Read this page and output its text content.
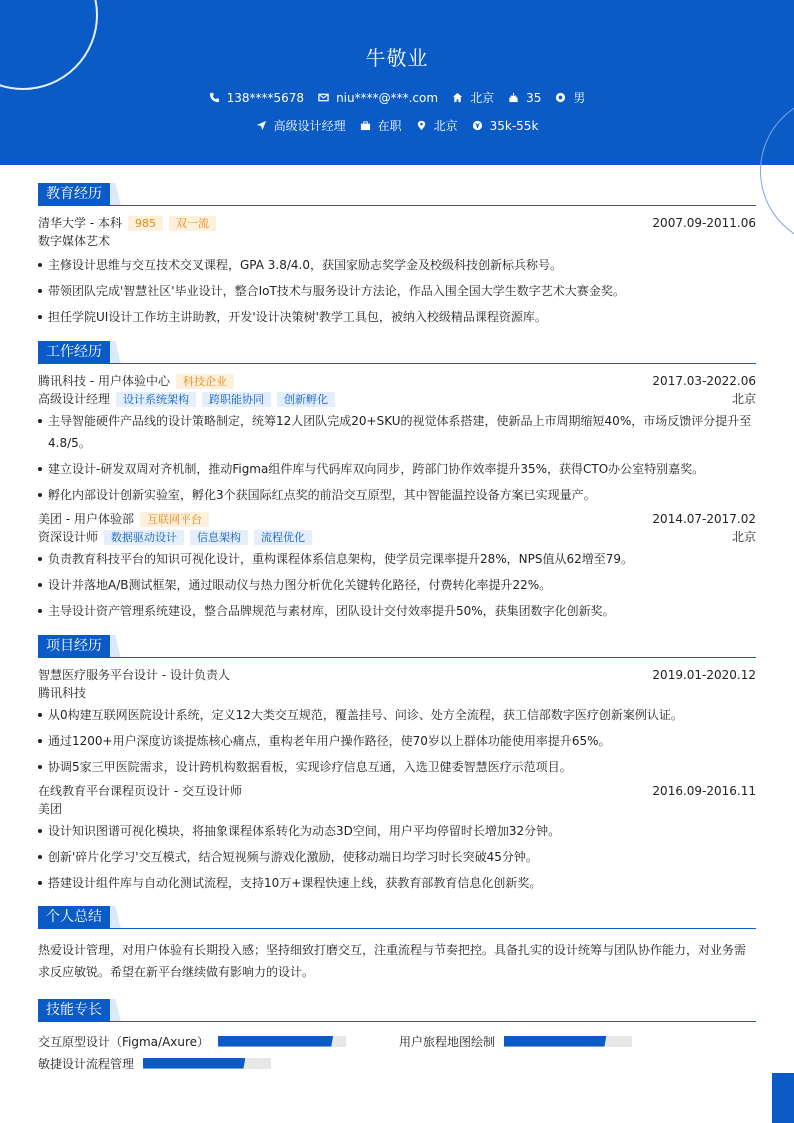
牛敬业
138****5678	niu****@***.com	北京	35	男
高级设计经理	在职	北京	35k-55k
教育经历
清华大学 - 本科	985	双一流	2007.09-2011.06
数字媒体艺术
主修设计思维与交互技术交叉课程，GPA 3.8/4.0，获国家励志奖学金及校级科技创新标兵称号。
带领团队完成'智慧社区'毕业设计，整合IoT技术与服务设计方法论，作品入围全国大学生数字艺术大赛金奖。
担任学院UI设计工作坊主讲助教，开发'设计决策树'教学工具包，被纳入校级精品课程资源库。
工作经历
腾讯科技 - 用户体验中心	科技企业	2017.03-2022.06
高级设计经理	设计系统架构	跨职能协同	创新孵化	北京
主导智能硬件产品线的设计策略制定，统筹12人团队完成20+SKU的视觉体系搭建，使新品上市周期缩短40%，市场反馈评分提升至4.8/5。
建立设计-研发双周对齐机制，推动Figma组件库与代码库双向同步，跨部门协作效率提升35%，获得CTO办公室特别嘉奖。
孵化内部设计创新实验室，孵化3个获国际红点奖的前沿交互原型，其中智能温控设备方案已实现量产。
美团 - 用户体验部	互联网平台	2014.07-2017.02
资深设计师	数据驱动设计	信息架构	流程优化	北京
负责教育科技平台的知识可视化设计，重构课程体系信息架构，使学员完课率提升28%，NPS值从62增至79。
设计并落地A/B测试框架，通过眼动仪与热力图分析优化关键转化路径，付费转化率提升22%。
主导设计资产管理系统建设，整合品牌规范与素材库，团队设计交付效率提升50%，获集团数字化创新奖。
项目经历
智慧医疗服务平台设计 - 设计负责人	2019.01-2020.12
腾讯科技
从0构建互联网医院设计系统，定义12大类交互规范，覆盖挂号、问诊、处方全流程，获工信部数字医疗创新案例认证。
通过1200+用户深度访谈提炼核心痛点，重构老年用户操作路径，使70岁以上群体功能使用率提升65%。
协调5家三甲医院需求，设计跨机构数据看板，实现诊疗信息互通，入选卫健委智慧医疗示范项目。
在线教育平台课程页设计 - 交互设计师	2016.09-2016.11
美团
设计知识图谱可视化模块，将抽象课程体系转化为动态3D空间，用户平均停留时长增加32分钟。
创新'碎片化学习'交互模式，结合短视频与游戏化激励，使移动端日均学习时长突破45分钟。
搭建设计组件库与自动化测试流程，支持10万+课程快速上线，获教育部教育信息化创新奖。
个人总结
热爱设计管理，对用户体验有长期投入感；坚持细致打磨交互，注重流程与节奏把控。具备扎实的设计统筹与团队协作能力，对业务需求反应敏锐。希望在新平台继续做有影响力的设计。
技能专长
交互原型设计（Figma/Axure）	用户旅程地图绘制
敏捷设计流程管理
